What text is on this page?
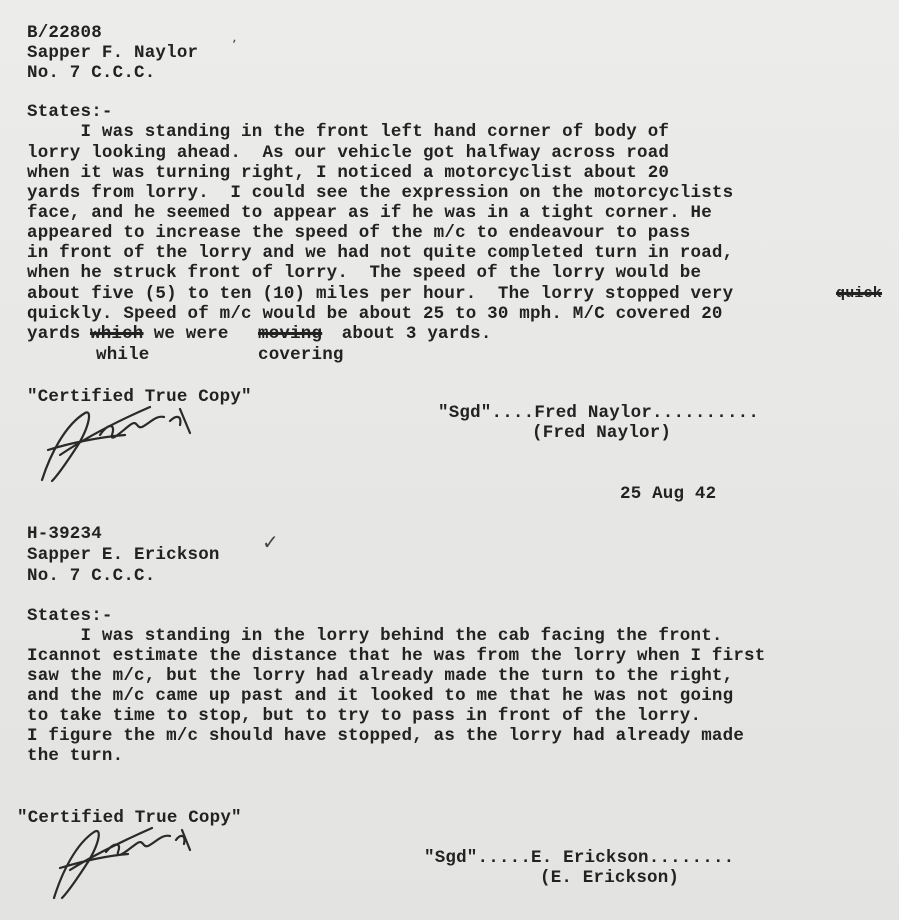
B/22808
Sapper F. Naylor
No. 7 C.C.C.
ʼ
States:-
I was standing in the front left hand corner of body of
lorry looking ahead.  As our vehicle got halfway across road
when it was turning right, I noticed a motorcyclist about 20
yards from lorry.  I could see the expression on the motorcyclists
face, and he seemed to appear as if he was in a tight corner. He
appeared to increase the speed of the m/c to endeavour to pass
in front of the lorry and we had not quite completed turn in road,
when he struck front of lorry.  The speed of the lorry would be
about five (5) to ten (10) miles per hour.  The lorry stopped very	quick
quickly. Speed of m/c would be about 25 to 30 mph. M/C covered 20
yards which we were moving about 3 yards.
while	covering
"Certified True Copy"
"Sgd"....Fred Naylor..........
(Fred Naylor)
25 Aug 42
H-39234
Sapper E. Erickson
No. 7 C.C.C.
✓
States:-
I was standing in the lorry behind the cab facing the front.
Icannot estimate the distance that he was from the lorry when I first
saw the m/c, but the lorry had already made the turn to the right,
and the m/c came up past and it looked to me that he was not going
to take time to stop, but to try to pass in front of the lorry.
I figure the m/c should have stopped, as the lorry had already made
the turn.
"Certified True Copy"
"Sgd".....E. Erickson........
(E. Erickson)
